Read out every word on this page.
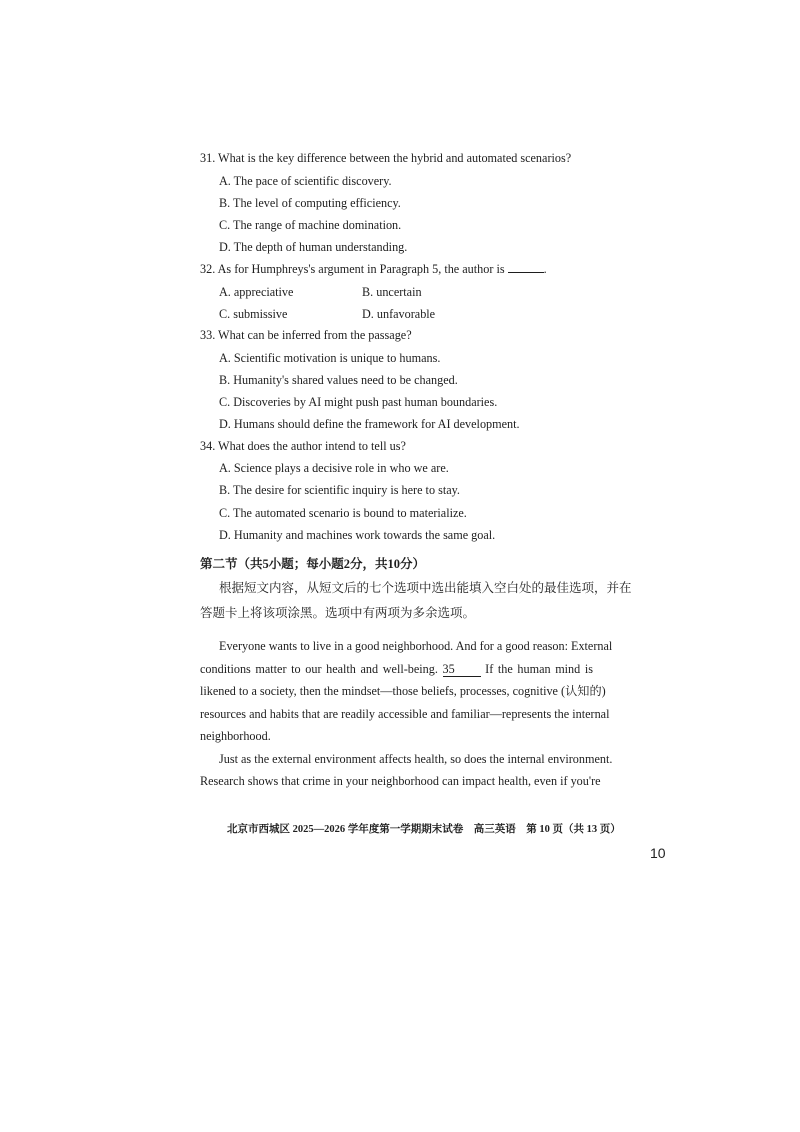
31. What is the key difference between the hybrid and automated scenarios?
A. The pace of scientific discovery.
B. The level of computing efficiency.
C. The range of machine domination.
D. The depth of human understanding.
32. As for Humphreys's argument in Paragraph 5, the author is	.
A. appreciative	B. uncertain
C. submissive	D. unfavorable
33. What can be inferred from the passage?
A. Scientific motivation is unique to humans.
B. Humanity's shared values need to be changed.
C. Discoveries by AI might push past human boundaries.
D. Humans should define the framework for AI development.
34. What does the author intend to tell us?
A. Science plays a decisive role in who we are.
B. The desire for scientific inquiry is here to stay.
C. The automated scenario is bound to materialize.
D. Humanity and machines work towards the same goal.
第二节（共5小题；每小题2分，共10分）
根据短文内容，从短文后的七个选项中选出能填入空白处的最佳选项，并在
答题卡上将该项涂黑。选项中有两项为多余选项。
Everyone wants to live in a good neighborhood. And for a good reason: External
conditions matter to our health and well-being. 35 If the human mind is
likened to a society, then the mindset—those beliefs, processes, cognitive (认知的)
resources and habits that are readily accessible and familiar—represents the internal
neighborhood.
Just as the external environment affects health, so does the internal environment.
Research shows that crime in your neighborhood can impact health, even if you're
北京市西城区 2025—2026 学年度第一学期期末试卷　高三英语　第 10 页（共 13 页）
10
